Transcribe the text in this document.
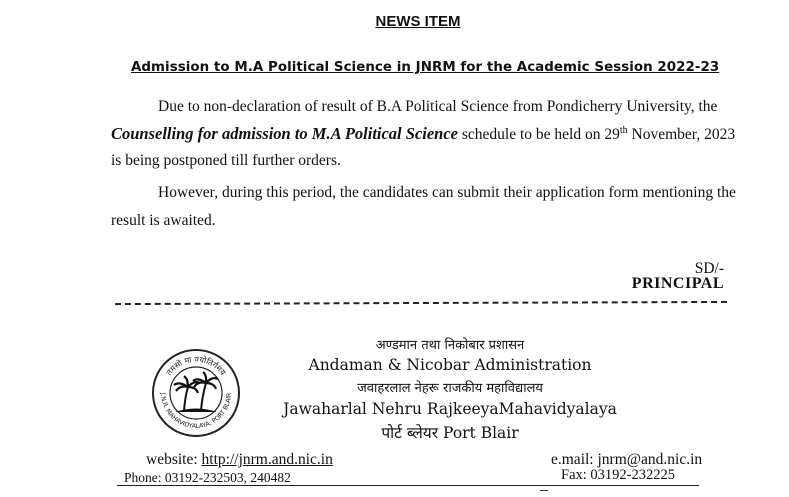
NEWS ITEM
Admission to M.A Political Science in JNRM for the Academic Session 2022-23
Due to non-declaration of result of B.A Political Science from Pondicherry University, the
Counselling for admission to M.A Political Science schedule to be held on 29th November, 2023
is being postponed till further orders.
However, during this period, the candidates can submit their application form mentioning the
result is awaited.
SD/-
PRINCIPAL
तमसो मा ज्योतिर्गमय
J.N.R. MAHAVIDYALAYA, PORT BLAIR
अण्डमान तथा निकोबार प्रशासन
Andaman & Nicobar Administration
जवाहरलाल नेहरू राजकीय महाविद्यालय
Jawaharlal Nehru RajkeeyaMahavidyalaya
पोर्ट ब्लेयर Port Blair
website: http://jnrm.and.nic.in	e.mail: jnrm@and.nic.in
Phone: 03192-232503, 240482	Fax: 03192-232225
